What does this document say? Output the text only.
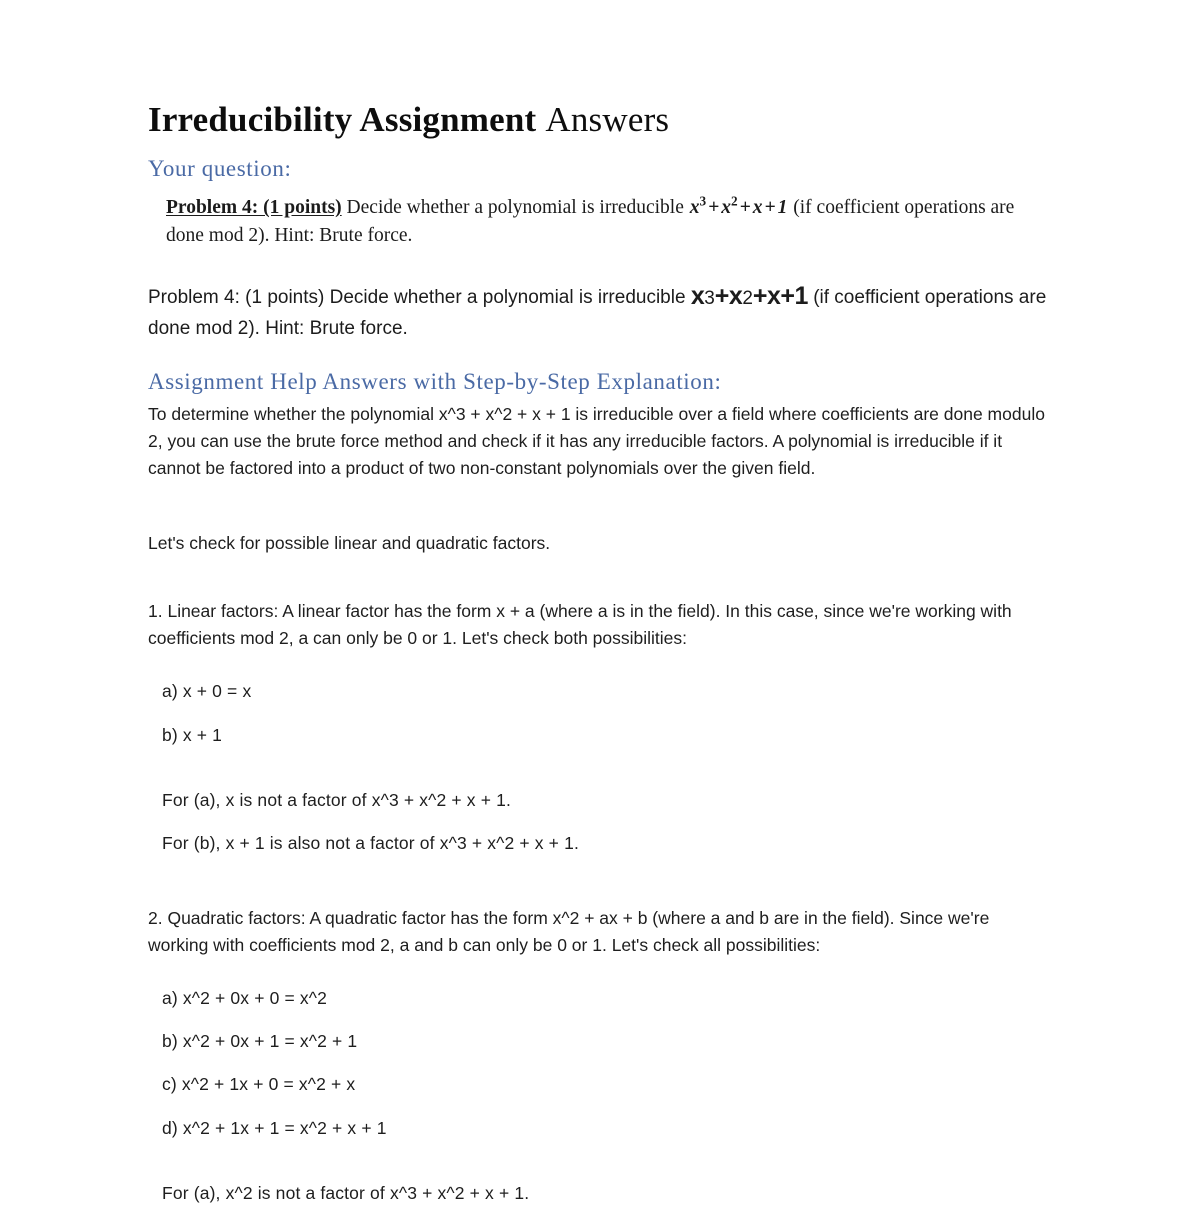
Irreducibility Assignment Answers
Your question:
Problem 4: (1 points) Decide whether a polynomial is irreducible $x^3 + x^2 + x + 1$ (if coefficient operations are done mod 2). Hint: Brute force.

Problem 4: (1 points) Decide whether a polynomial is irreducible x3+x2+x+1 (if coefficient operations are done mod 2). Hint: Brute force.

Assignment Help Answers with Step-by-Step Explanation:

To determine whether the polynomial x^3 + x^2 + x + 1 is irreducible over a field where coefficients are done modulo 2, you can use the brute force method and check if it has any irreducible factors. A polynomial is irreducible if it cannot be factored into a product of two non-constant polynomials over the given field.

Let's check for possible linear and quadratic factors.

1. Linear factors: A linear factor has the form x + a (where a is in the field). In this case, since we're working with coefficients mod 2, a can only be 0 or 1. Let's check both possibilities:

a) x + 0 = x
b) x + 1
For (a), x is not a factor of x^3 + x^2 + x + 1.
For (b), x + 1 is also not a factor of x^3 + x^2 + x + 1.

2. Quadratic factors: A quadratic factor has the form x^2 + ax + b (where a and b are in the field). Since we're working with coefficients mod 2, a and b can only be 0 or 1. Let's check all possibilities:

a) x^2 + 0x + 0 = x^2
b) x^2 + 0x + 1 = x^2 + 1
c) x^2 + 1x + 0 = x^2 + x
d) x^2 + 1x + 1 = x^2 + x + 1
For (a), x^2 is not a factor of x^3 + x^2 + x + 1.
